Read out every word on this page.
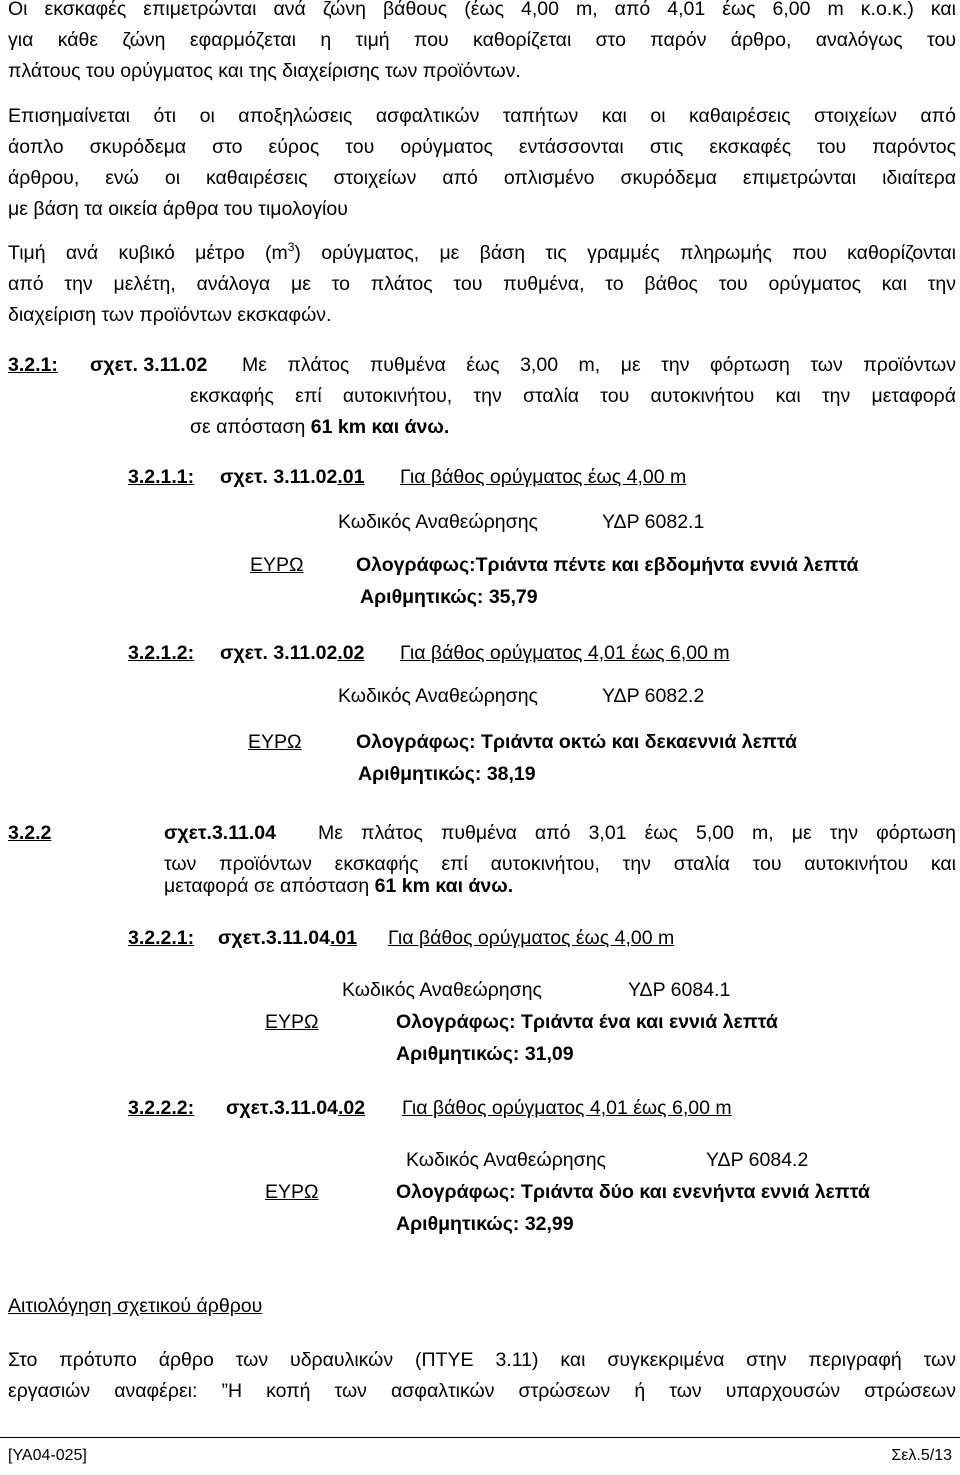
Οι εκσκαφές επιμετρώνται ανά ζώνη βάθους (έως 4,00 m, από 4,01 έως 6,00 m κ.ο.κ.) και
για κάθε ζώνη εφαρμόζεται η τιμή που καθορίζεται στο παρόν άρθρο, αναλόγως του
πλάτους του ορύγματος και της διαχείρισης των προϊόντων.
Επισημαίνεται ότι οι αποξηλώσεις ασφαλτικών ταπήτων και οι καθαιρέσεις στοιχείων από
άοπλο σκυρόδεμα στο εύρος του ορύγματος εντάσσονται στις εκσκαφές του παρόντος
άρθρου, ενώ οι καθαιρέσεις στοιχείων από οπλισμένο σκυρόδεμα επιμετρώνται ιδιαίτερα
με βάση τα οικεία άρθρα του τιμολογίου
Τιμή ανά κυβικό μέτρο $(m^3)$ ορύγματος, με βάση τις γραμμές πληρωμής που καθορίζονται
από την μελέτη, ανάλογα με το πλάτος του πυθμένα, το βάθος του ορύγματος και την
διαχείριση των προϊόντων εκσκαφών.
3.2.1: σχετ. 3.11.02 Με πλάτος πυθμένα έως 3,00 m, με την φόρτωση των προϊόντων
εκσκαφής επί αυτοκινήτου, την σταλία του αυτοκινήτου και την μεταφορά
σε απόσταση 61 km και άνω.
3.2.1.1: σχετ. 3.11.02.01 Για βάθος ορύγματος έως 4,00 m
Κωδικός Αναθεώρησης	ΥΔΡ 6082.1
ΕΥΡΩ	Ολογράφως:Τριάντα πέντε και εβδομήντα εννιά λεπτά
Αριθμητικώς: 35,79
3.2.1.2: σχετ. 3.11.02.02 Για βάθος ορύγματος 4,01 έως 6,00 m
Κωδικός Αναθεώρησης	ΥΔΡ 6082.2
ΕΥΡΩ	Ολογράφως: Τριάντα οκτώ και δεκαεννιά λεπτά
Αριθμητικώς: 38,19
3.2.2	σχετ.3.11.04 Με πλάτος πυθμένα από 3,01 έως 5,00 m, με την φόρτωση
των προϊόντων εκσκαφής επί αυτοκινήτου, την σταλία του αυτοκινήτου και
μεταφορά σε απόσταση 61 km και άνω.
3.2.2.1: σχετ.3.11.04.01 Για βάθος ορύγματος έως 4,00 m
Κωδικός Αναθεώρησης	ΥΔΡ 6084.1
ΕΥΡΩ	Ολογράφως: Τριάντα ένα και εννιά λεπτά
Αριθμητικώς: 31,09
3.2.2.2: σχετ.3.11.04.02 Για βάθος ορύγματος 4,01 έως 6,00 m
Κωδικός Αναθεώρησης	ΥΔΡ 6084.2
ΕΥΡΩ	Ολογράφως: Τριάντα δύο και ενενήντα εννιά λεπτά
Αριθμητικώς: 32,99
Αιτιολόγηση σχετικού άρθρου
Στο πρότυπο άρθρο των υδραυλικών (ΠΤΥΕ 3.11) και συγκεκριμένα στην περιγραφή των
εργασιών αναφέρει: ”Η κοπή των ασφαλτικών στρώσεων ή των υπαρχουσών στρώσεων
[ΥΑ04-025]	Σελ.5/13
